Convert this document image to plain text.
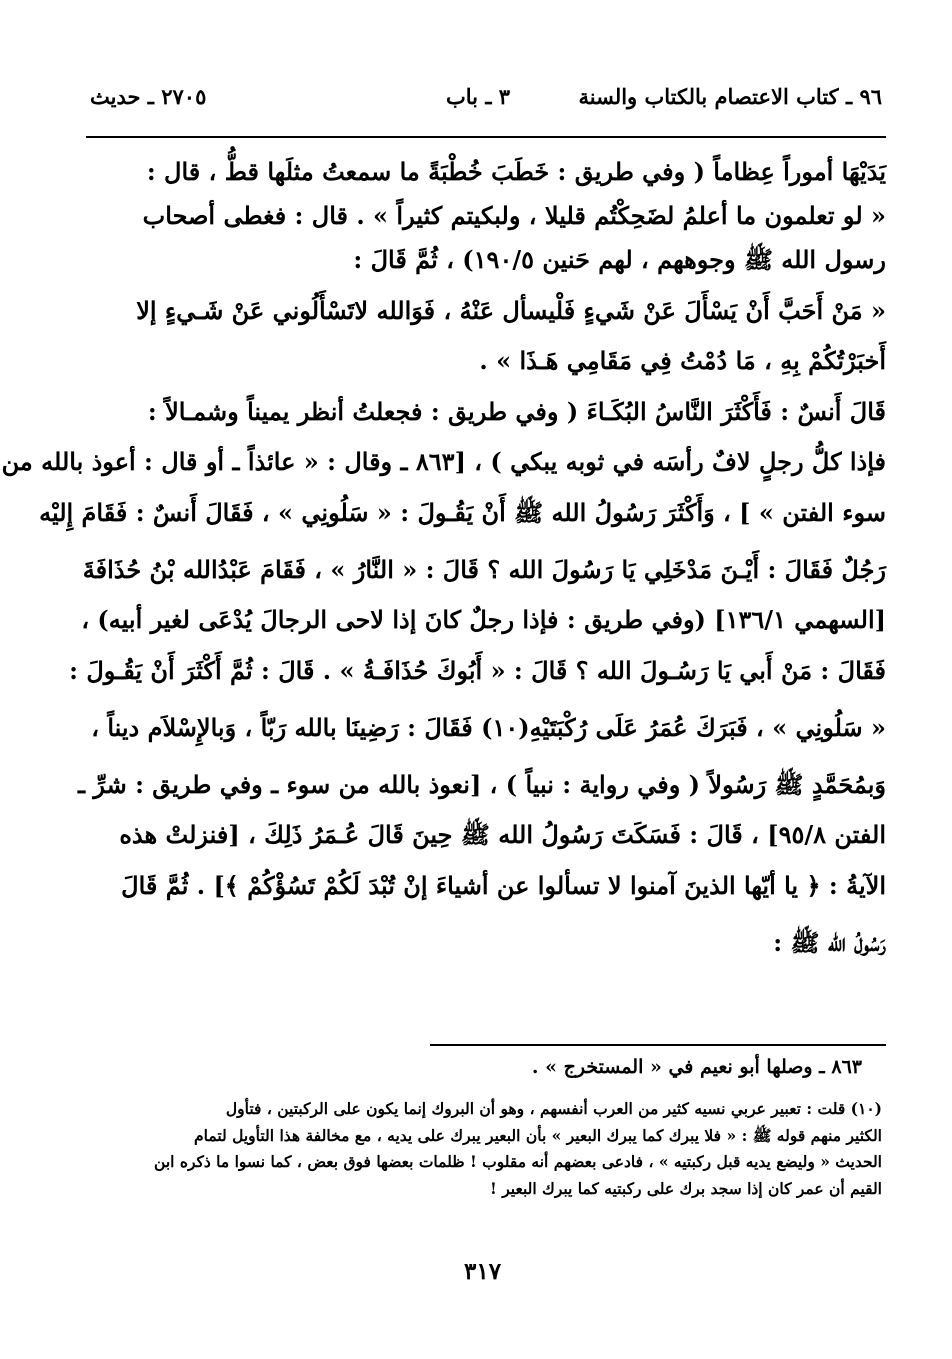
٩٦ ـ كتاب الاعتصام بالكتاب والسنة
٣ ـ باب
٢٧٠٥ ـ حديث

يَدَيْهَا أموراً عِظاماً ( وفي طريق : خَطَبَ خُطْبَةً ما سمعتُ مثلَها قطُّ ، قال :

« لو تعلمون ما أعلمُ لضَحِكْتُم قليلا ، ولبكيتم كثيراً » . قال : فغطى أصحاب
رسول الله ﷺ وجوههم ، لهم حَنين ١٩٠/٥) ، ثُمَّ قَالَ :

« مَنْ أَحَبَّ أَنْ يَسْأَلَ عَنْ شَيءٍ فَلْيسأل عَنْهُ ، فَوَالله لاتَسْأَلُوني عَنْ شَـيءٍ إلا
أَخبَرْتُكُمْ بِهِ ، مَا دُمْتُ فِي مَقَامِي هَـذَا » .

قَالَ أَنسٌ : فَأَكْثَرَ النَّاسُ البُكَـاءَ ( وفي طريق : فجعلتُ أنظر يميناً وشمـالاً :
فإذا كلُّ رجلٍ لافٌ رأسَه في ثوبه يبكي ) ، [٨٦٣ ـ وقال : « عائذاً ـ أو قال : أعوذ بالله من
سوء الفتن » ] ، وَأَكْثَرَ رَسُولُ الله ﷺ أَنْ يَقُـولَ : « سَلُونِي » ، فَقَالَ أَنسٌ : فَقَامَ إِليْه
رَجُلٌ فَقَالَ : أَيْـنَ مَدْخَلِي يَا رَسُولَ الله ؟ قَالَ : « النَّارُ » ، فَقَامَ عَبْدُالله بْنُ حُذَافَةَ
[السهمي ١٣٦/١] (وفي طريق : فإذا رجلٌ كانَ إذا لاحى الرجالَ يُدْعَى لغير أبيه) ،
فَقَالَ : مَنْ أَبي يَا رَسُـولَ الله ؟ قَالَ : « أَبُوكَ حُذَافَـةُ » . قَالَ : ثُمَّ أَكْثَرَ أَنْ يَقُـولَ :
« سَلُونِي » ، فَبَرَكَ عُمَرُ عَلَى رُكْبَتَيْهِ(١٠) فَقَالَ : رَضِينَا بالله رَبّاً ، وَبالإِسْلاَم ديناً ،
وَبمُحَمَّدٍ ﷺ رَسُولاً ( وفي رواية : نبياً ) ، [نعوذ بالله من سوء ـ وفي طريق : شرِّ ـ
الفتن ٩٥/٨] ، قَالَ : فَسَكَتَ رَسُولُ الله ﷺ حِينَ قَالَ عُـمَرُ ذَلِكَ ، [فنزلتْ هذه
الآيةُ : ﴿ يا أيّها الذينَ آمنوا لا تسألوا عن أشياءَ إنْ تُبْدَ لَكُمْ تَسُؤْكُمْ ﴾] . ثُمَّ قَالَ
رَسُولُ الله ﷺ :

٨٦٣ ـ وصلها أبو نعيم في « المستخرج » .
(١٠) قلت : تعبير عربي نسيه كثير من العرب أنفسهم ، وهو أن البروك إنما يكون على الركبتين ، فتأول
الكثير منهم قوله ﷺ : « فلا يبرك كما يبرك البعير » بأن البعير يبرك على يديه ، مع مخالفة هذا التأويل لتمام
الحديث « وليضع يديه قبل ركبتيه » ، فادعى بعضهم أنه مقلوب ! ظلمات بعضها فوق بعض ، كما نسوا ما ذكره ابن
القيم أن عمر كان إذا سجد برك على ركبتيه كما يبرك البعير !
٣١٧
